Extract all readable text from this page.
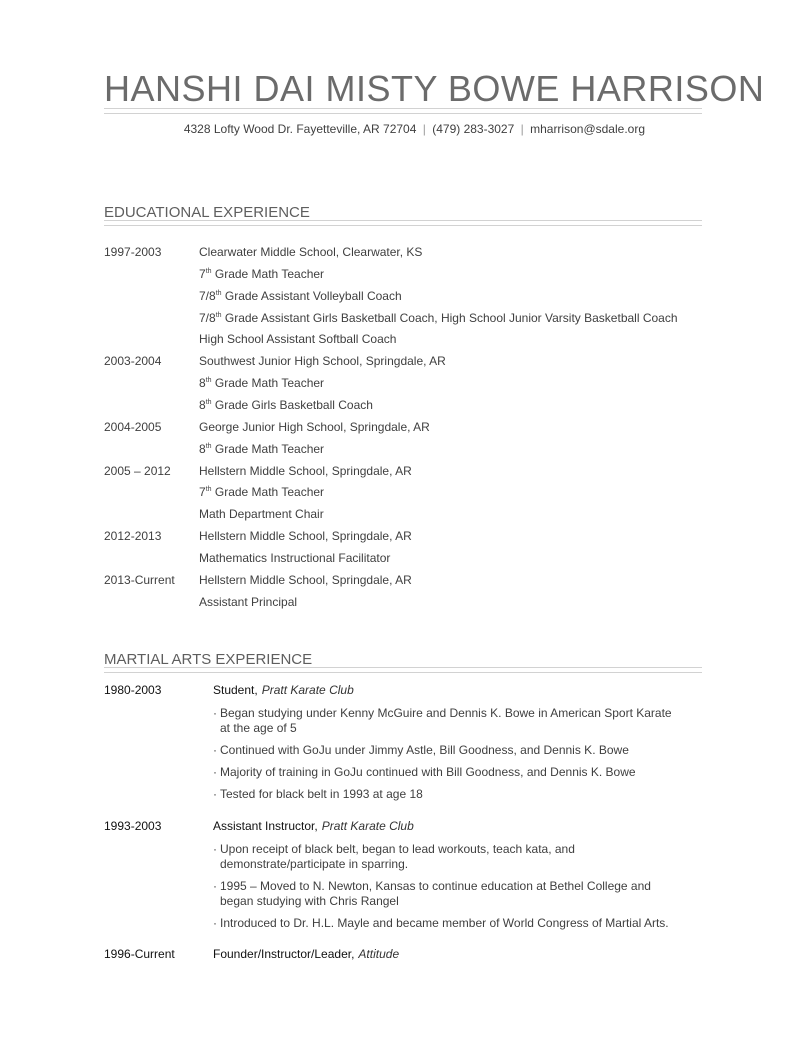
HANSHI DAI MISTY BOWE HARRISON
4328 Lofty Wood Dr. Fayetteville, AR 72704 | (479) 283-3027 | mharrison@sdale.org
EDUCATIONAL EXPERIENCE
1997-2003	Clearwater Middle School, Clearwater, KS
7th Grade Math Teacher
7/8th Grade Assistant Volleyball Coach
7/8th Grade Assistant Girls Basketball Coach, High School Junior Varsity Basketball Coach
High School Assistant Softball Coach
2003-2004	Southwest Junior High School, Springdale, AR
8th Grade Math Teacher
8th Grade Girls Basketball Coach
2004-2005	George Junior High School, Springdale, AR
8th Grade Math Teacher
2005 – 2012 Hellstern Middle School, Springdale, AR
7th Grade Math Teacher
Math Department Chair
2012-2013	Hellstern Middle School, Springdale, AR
Mathematics Instructional Facilitator
2013-Current Hellstern Middle School, Springdale, AR
Assistant Principal
MARTIAL ARTS EXPERIENCE
1980-2003	Student, Pratt Karate Club
· Began studying under Kenny McGuire and Dennis K. Bowe in American Sport Karate at the age of 5
· Continued with GoJu under Jimmy Astle, Bill Goodness, and Dennis K. Bowe
· Majority of training in GoJu continued with Bill Goodness, and Dennis K. Bowe
· Tested for black belt in 1993 at age 18
1993-2003	Assistant Instructor, Pratt Karate Club
· Upon receipt of black belt, began to lead workouts, teach kata, and demonstrate/participate in sparring.
· 1995 – Moved to N. Newton, Kansas to continue education at Bethel College and began studying with Chris Rangel
· Introduced to Dr. H.L. Mayle and became member of World Congress of Martial Arts.
1996-Current	Founder/Instructor/Leader, Attitude
